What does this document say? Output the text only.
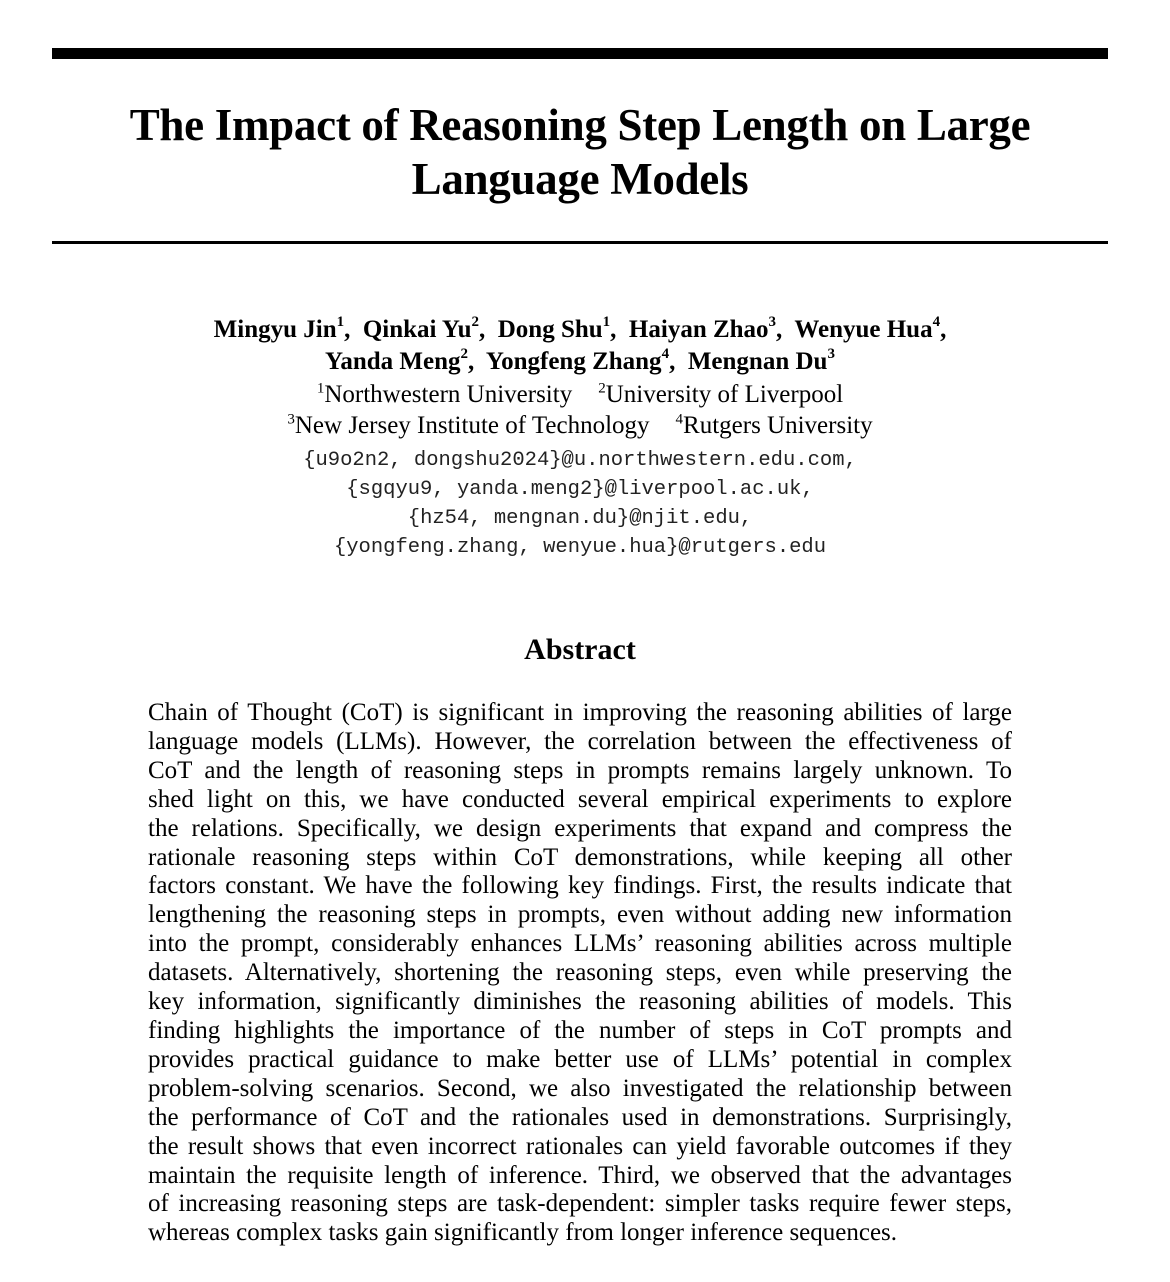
The Impact of Reasoning Step Length on Large
Language Models
Mingyu Jin$^1$,  Qinkai Yu$^2$,  Dong Shu$^1$,  Haiyan Zhao$^3$,  Wenyue Hua$^4$,
Yanda Meng$^2$,  Yongfeng Zhang$^4$,  Mengnan Du$^3$
$^1$Northwestern University $^2$University of Liverpool
$^3$New Jersey Institute of Technology $^4$Rutgers University
{u9o2n2, dongshu2024}@u.northwestern.edu.com,
{sgqyu9, yanda.meng2}@liverpool.ac.uk,
{hz54, mengnan.du}@njit.edu,
{yongfeng.zhang, wenyue.hua}@rutgers.edu
Abstract
Chain of Thought (CoT) is significant in improving the reasoning abilities of large
language models (LLMs). However, the correlation between the effectiveness of
CoT and the length of reasoning steps in prompts remains largely unknown. To
shed light on this, we have conducted several empirical experiments to explore
the relations. Specifically, we design experiments that expand and compress the
rationale reasoning steps within CoT demonstrations, while keeping all other
factors constant. We have the following key findings. First, the results indicate that
lengthening the reasoning steps in prompts, even without adding new information
into the prompt, considerably enhances LLMs’ reasoning abilities across multiple
datasets. Alternatively, shortening the reasoning steps, even while preserving the
key information, significantly diminishes the reasoning abilities of models. This
finding highlights the importance of the number of steps in CoT prompts and
provides practical guidance to make better use of LLMs’ potential in complex
problem-solving scenarios. Second, we also investigated the relationship between
the performance of CoT and the rationales used in demonstrations. Surprisingly,
the result shows that even incorrect rationales can yield favorable outcomes if they
maintain the requisite length of inference. Third, we observed that the advantages
of increasing reasoning steps are task-dependent: simpler tasks require fewer steps,
whereas complex tasks gain significantly from longer inference sequences.
